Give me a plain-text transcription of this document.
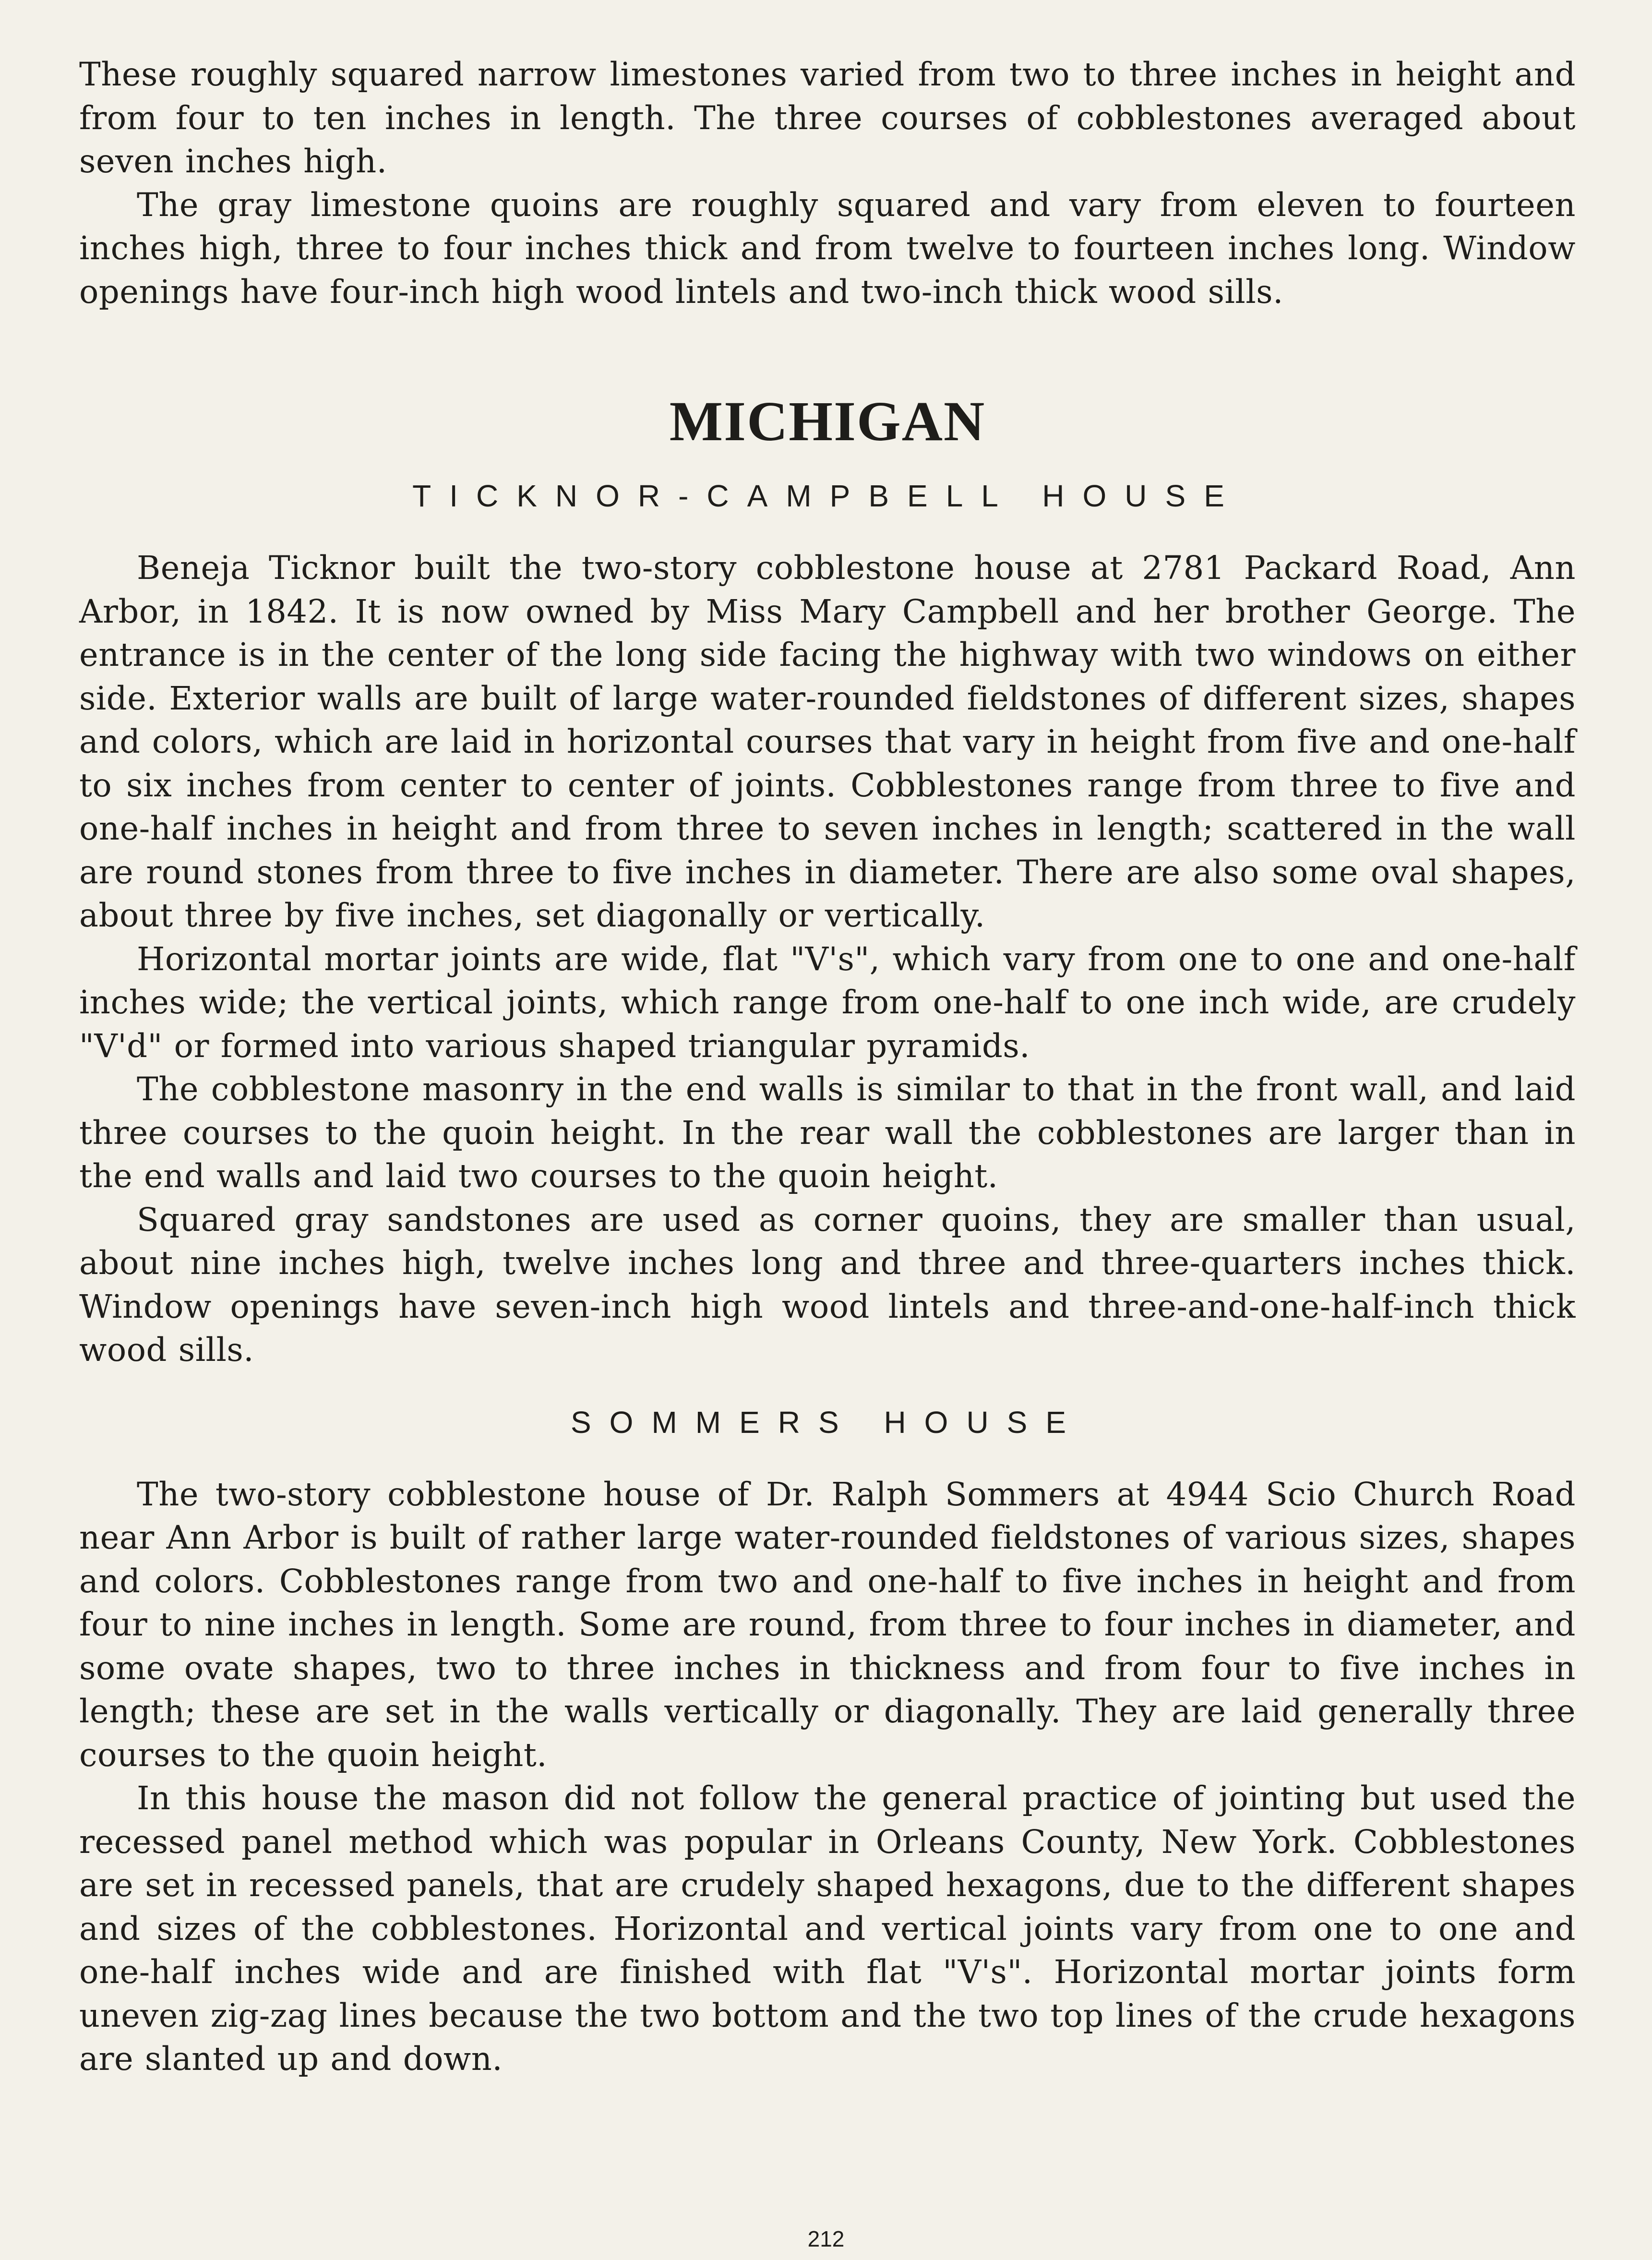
These roughly squared narrow limestones varied from two to three inches in height and from four to ten inches in length. The three courses of cobblestones averaged about seven inches high.

The gray limestone quoins are roughly squared and vary from eleven to fourteen inches high, three to four inches thick and from twelve to fourteen inches long. Window openings have four-inch high wood lintels and two-inch thick wood sills.

MICHIGAN
TICKNOR-CAMPBELL HOUSE

Beneja Ticknor built the two-story cobblestone house at 2781 Packard Road, Ann Arbor, in 1842. It is now owned by Miss Mary Campbell and her brother George. The entrance is in the center of the long side facing the highway with two windows on either side. Exterior walls are built of large water-rounded fieldstones of different sizes, shapes and colors, which are laid in horizontal courses that vary in height from five and one-half to six inches from center to center of joints. Cobblestones range from three to five and one-half inches in height and from three to seven inches in length; scattered in the wall are round stones from three to five inches in diameter. There are also some oval shapes, about three by five inches, set diagonally or vertically.

Horizontal mortar joints are wide, flat "V's", which vary from one to one and one-half inches wide; the vertical joints, which range from one-half to one inch wide, are crudely "V'd" or formed into various shaped triangular pyramids.

The cobblestone masonry in the end walls is similar to that in the front wall, and laid three courses to the quoin height. In the rear wall the cobblestones are larger than in the end walls and laid two courses to the quoin height.

Squared gray sandstones are used as corner quoins, they are smaller than usual, about nine inches high, twelve inches long and three and three-quarters inches thick. Window openings have seven-inch high wood lintels and three-and-one-half-inch thick wood sills.

SOMMERS HOUSE

The two-story cobblestone house of Dr. Ralph Sommers at 4944 Scio Church Road near Ann Arbor is built of rather large water-rounded fieldstones of various sizes, shapes and colors. Cobblestones range from two and one-half to five inches in height and from four to nine inches in length. Some are round, from three to four inches in diameter, and some ovate shapes, two to three inches in thickness and from four to five inches in length; these are set in the walls vertically or diagonally. They are laid generally three courses to the quoin height.

In this house the mason did not follow the general practice of jointing but used the recessed panel method which was popular in Orleans County, New York. Cobblestones are set in recessed panels, that are crudely shaped hexagons, due to the different shapes and sizes of the cobblestones. Horizontal and vertical joints vary from one to one and one-half inches wide and are finished with flat "V's". Horizontal mortar joints form uneven zig-zag lines because the two bottom and the two top lines of the crude hexagons are slanted up and down.

212
